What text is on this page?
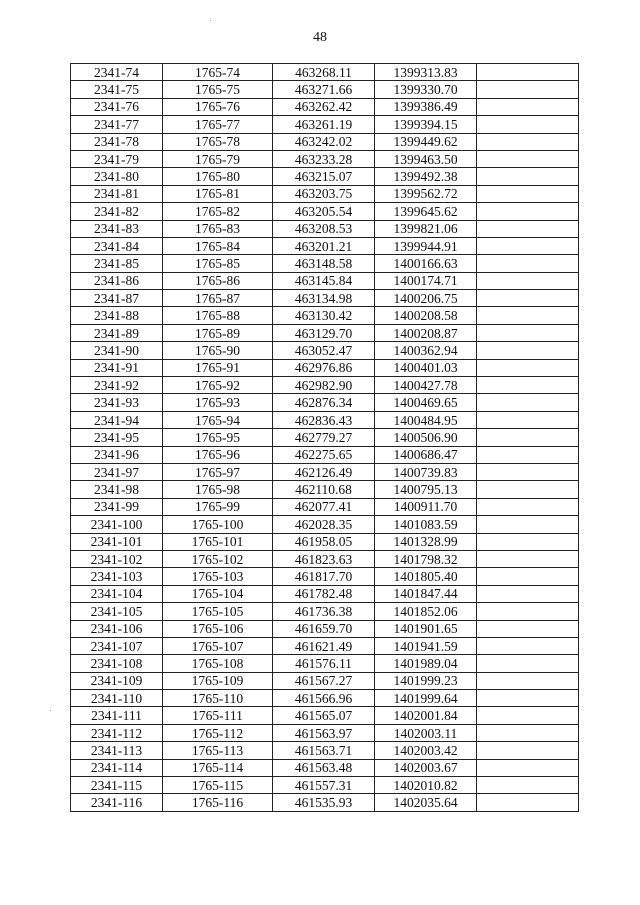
48
2341-74	1765-74	463268.11	1399313.83	
2341-75	1765-75	463271.66	1399330.70	
2341-76	1765-76	463262.42	1399386.49	
2341-77	1765-77	463261.19	1399394.15	
2341-78	1765-78	463242.02	1399449.62	
2341-79	1765-79	463233.28	1399463.50	
2341-80	1765-80	463215.07	1399492.38	
2341-81	1765-81	463203.75	1399562.72	
2341-82	1765-82	463205.54	1399645.62	
2341-83	1765-83	463208.53	1399821.06	
2341-84	1765-84	463201.21	1399944.91	
2341-85	1765-85	463148.58	1400166.63	
2341-86	1765-86	463145.84	1400174.71	
2341-87	1765-87	463134.98	1400206.75	
2341-88	1765-88	463130.42	1400208.58	
2341-89	1765-89	463129.70	1400208.87	
2341-90	1765-90	463052.47	1400362.94	
2341-91	1765-91	462976.86	1400401.03	
2341-92	1765-92	462982.90	1400427.78	
2341-93	1765-93	462876.34	1400469.65	
2341-94	1765-94	462836.43	1400484.95	
2341-95	1765-95	462779.27	1400506.90	
2341-96	1765-96	462275.65	1400686.47	
2341-97	1765-97	462126.49	1400739.83	
2341-98	1765-98	462110.68	1400795.13	
2341-99	1765-99	462077.41	1400911.70	
2341-100	1765-100	462028.35	1401083.59	
2341-101	1765-101	461958.05	1401328.99	
2341-102	1765-102	461823.63	1401798.32	
2341-103	1765-103	461817.70	1401805.40	
2341-104	1765-104	461782.48	1401847.44	
2341-105	1765-105	461736.38	1401852.06	
2341-106	1765-106	461659.70	1401901.65	
2341-107	1765-107	461621.49	1401941.59	
2341-108	1765-108	461576.11	1401989.04	
2341-109	1765-109	461567.27	1401999.23	
2341-110	1765-110	461566.96	1401999.64	
2341-111	1765-111	461565.07	1402001.84	
2341-112	1765-112	461563.97	1402003.11	
2341-113	1765-113	461563.71	1402003.42	
2341-114	1765-114	461563.48	1402003.67	
2341-115	1765-115	461557.31	1402010.82	
2341-116	1765-116	461535.93	1402035.64	
